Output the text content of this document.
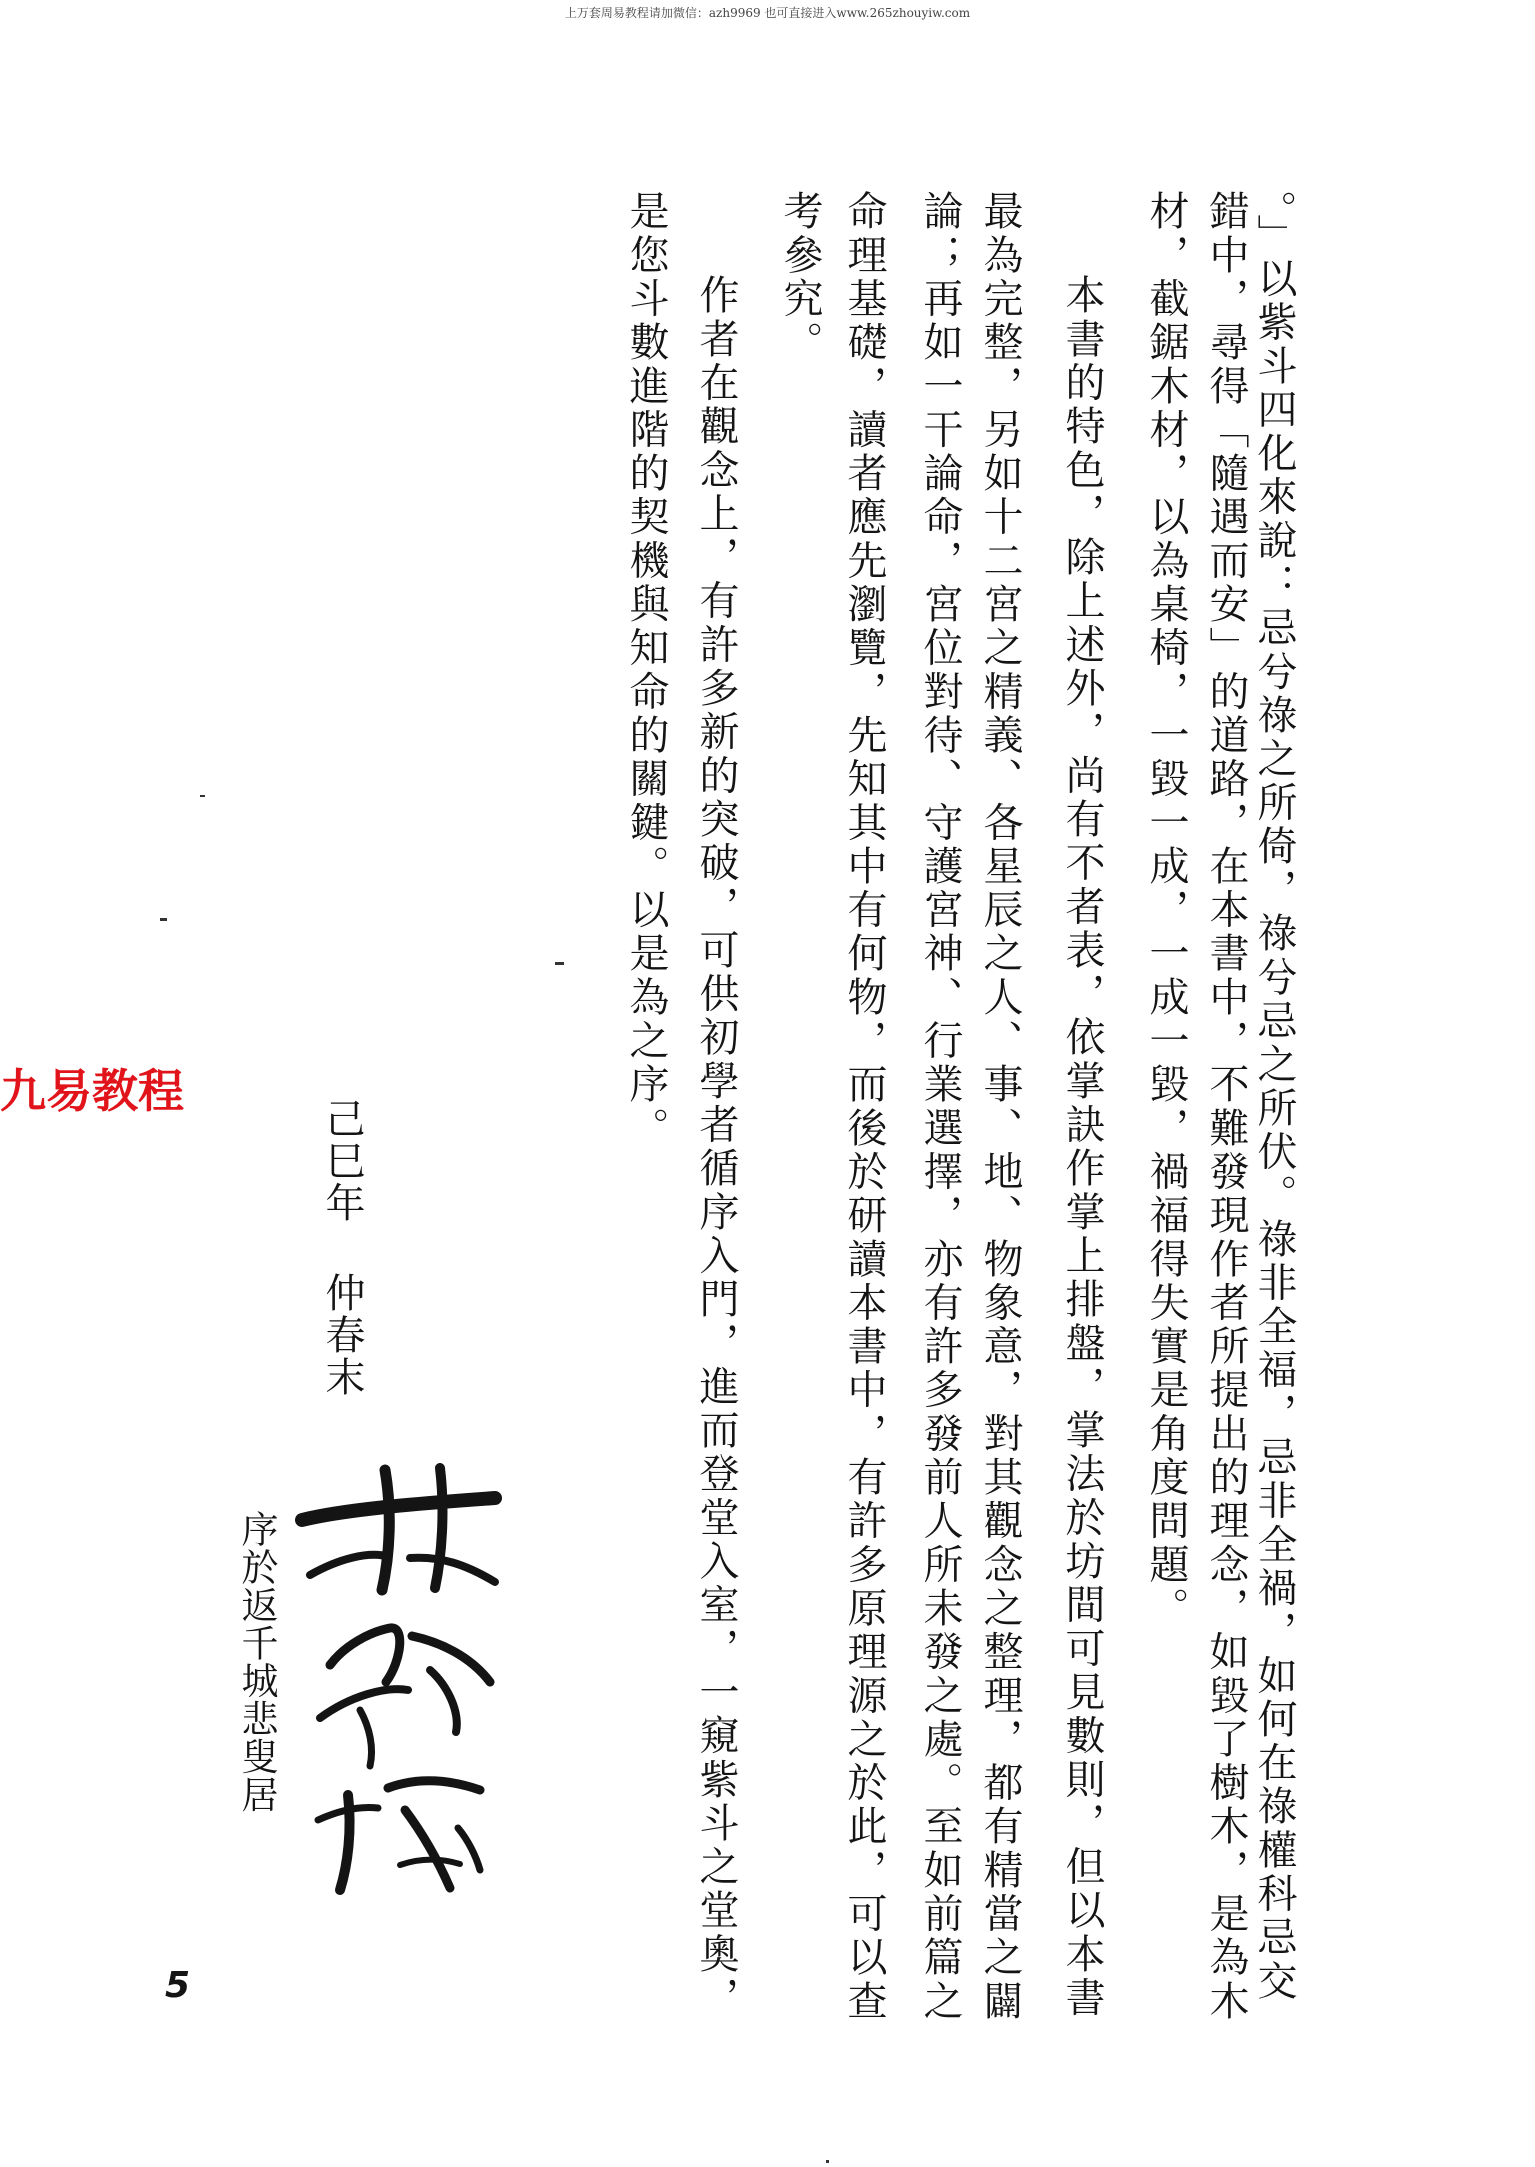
上万套周易教程请加微信：azh9969 也可直接进入www.265zhouyiw.com
。」以紫斗四化來說：忌兮祿之所倚，祿兮忌之所伏。祿非全福，忌非全禍，如何在祿權科忌交
錯中，尋得「隨遇而安」的道路，在本書中，不難發現作者所提出的理念，如毀了樹木，是為木
材，截鋸木材，以為桌椅，一毀一成，一成一毀，禍福得失實是角度問題。
本書的特色，除上述外，尚有不者表，依掌訣作掌上排盤，掌法於坊間可見數則，但以本書
最為完整，另如十二宮之精義、各星辰之人、事、地、物象意，對其觀念之整理，都有精當之闢
論；再如一干論命，宮位對待、守護宮神、行業選擇，亦有許多發前人所未發之處。至如前篇之
命理基礎，讀者應先瀏覽，先知其中有何物，而後於研讀本書中，有許多原理源之於此，可以查
考參究。
作者在觀念上，有許多新的突破，可供初學者循序入門，進而登堂入室，一窺紫斗之堂奧，
是您斗數進階的契機與知命的關鍵。以是為之序。
己巳年 仲春末
序於返千城悲叟居
九易教程
5
